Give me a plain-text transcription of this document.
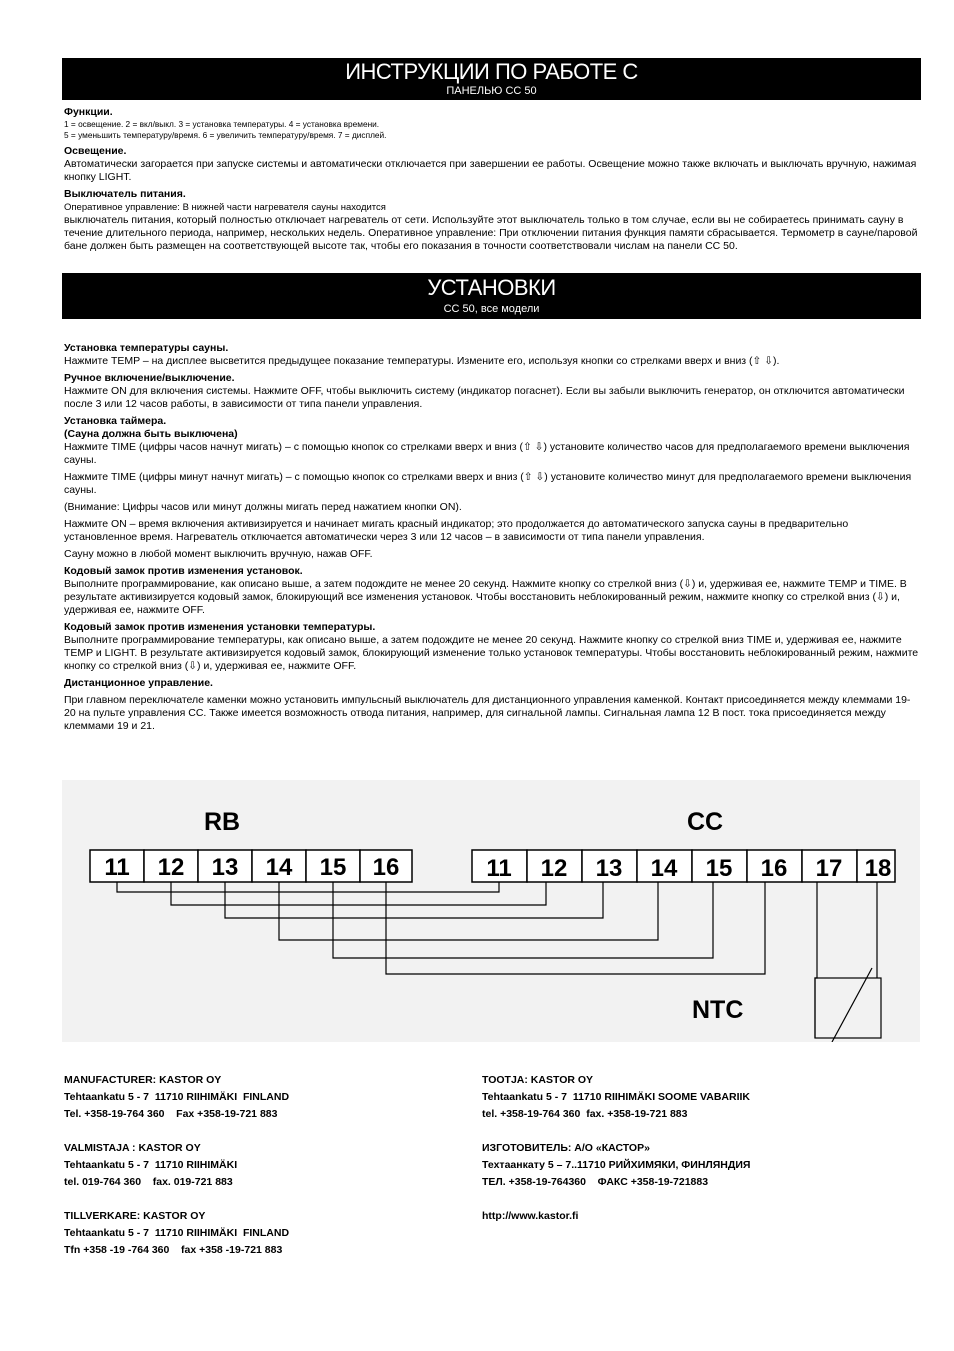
ИНСТРУКЦИИ ПО РАБОТЕ С
ПАНЕЛЬЮ CC 50
Функции.
1 = освещение. 2 = вкл/выкл. 3 = установка температуры. 4 = установка времени.
5 = уменьшить температуру/время. 6 = увеличить температуру/время. 7 = дисплей.
Освещение.
Автоматически загорается при запуске системы и автоматически отключается при завершении ее работы. Освещение можно также включать и выключать вручную, нажимая кнопку LIGHT.
Выключатель питания.
Оперативное управление: В нижней части нагревателя сауны находится
выключатель питания, который полностью отключает нагреватель от сети. Используйте этот выключатель только в том случае, если вы не собираетесь принимать сауну в течение длительного периода, например, нескольких недель. Оперативное управление: При отключении питания функция памяти сбрасывается. Термометр в сауне/паровой бане должен быть размещен на соответствующей высоте так, чтобы его показания в точности соответствовали числам на панели CC 50.
УСТАНОВКИ
CC 50, все модели
Установка температуры сауны.
Нажмите TEMP – на дисплее высветится предыдущее показание температуры. Измените его, используя кнопки со стрелками вверх и вниз (⇧ ⇩).
Ручное включение/выключение.
Нажмите ON для включения системы. Нажмите OFF, чтобы выключить систему (индикатор погаснет). Если вы забыли выключить генератор, он отключится автоматически после 3 или 12 часов работы, в зависимости от типа панели управления.
Установка таймера.
(Сауна должна быть выключена)
Нажмите TIME (цифры часов начнут мигать) – с помощью кнопок со стрелками вверх и вниз (⇧ ⇩) установите количество часов для предполагаемого времени выключения сауны.
Нажмите TIME (цифры минут начнут мигать) – с помощью кнопок со стрелками вверх и вниз (⇧ ⇩) установите количество минут для предполагаемого времени выключения сауны.
(Внимание: Цифры часов или минут должны мигать перед нажатием кнопки ON).
Нажмите ON – время включения активизируется и начинает мигать красный индикатор; это продолжается до автоматического запуска сауны в предварительно установленное время. Нагреватель отключается автоматически через 3 или 12 часов – в зависимости от типа панели управления.
Сауну можно в любой момент выключить вручную, нажав OFF.
Кодовый замок против изменения установок.
Выполните программирование, как описано выше, а затем подождите не менее 20 секунд. Нажмите кнопку со стрелкой вниз (⇩) и, удерживая ее, нажмите TEMP и TIME. В результате активизируется кодовый замок, блокирующий все изменения установок. Чтобы восстановить неблокированный режим, нажмите кнопку со стрелкой вниз (⇩) и, удерживая ее, нажмите OFF.
Кодовый замок против изменения установки температуры.
Выполните программирование температуры, как описано выше, а затем подождите не менее 20 секунд. Нажмите кнопку со стрелкой вниз TIME и, удерживая ее, нажмите TEMP и LIGHT. В результате активизируется кодовый замок, блокирующий изменение только установок температуры. Чтобы восстановить неблокированный режим, нажмите кнопку со стрелкой вниз (⇩) и, удерживая ее, нажмите OFF.
Дистанционное управление.
При главном переключателе каменки можно установить импульсный выключатель для дистанционного управления каменкой. Контакт присоединяется между клеммами 19-20 на пульте управления CC. Также имеется возможность отвода питания, например, для сигнальной лампы. Сигнальная лампа 12 В пост. тока присоединяется между клеммами 19 и 21.
RB	CC
NTC
11 12 13 14 15 16	11 12 13 14 15 16 17 18
MANUFACTURER: KASTOR OY
Tehtaankatu 5 - 7  11710 RIIHIMÄKI  FINLAND
Tel. +358-19-764 360    Fax +358-19-721 883
VALMISTAJA : KASTOR OY
Tehtaankatu 5 - 7  11710 RIIHIMÄKI
tel. 019-764 360    fax. 019-721 883
TILLVERKARE: KASTOR OY
Tehtaankatu 5 - 7  11710 RIIHIMÄKI  FINLAND
Tfn +358 -19 -764 360    fax +358 -19-721 883
TOOTJA: KASTOR OY
Tehtaankatu 5 - 7  11710 RIIHIMÄKI SOOME VABARIIK
tel. +358-19-764 360  fax. +358-19-721 883
ИЗГОТОВИТЕЛЬ: А/О «КАСТОР»
Техтаанкату 5 – 7..11710 РИЙХИМЯКИ, ФИНЛЯНДИЯ
ТЕЛ. +358-19-764360    ФАКС +358-19-721883
http://www.kastor.fi
